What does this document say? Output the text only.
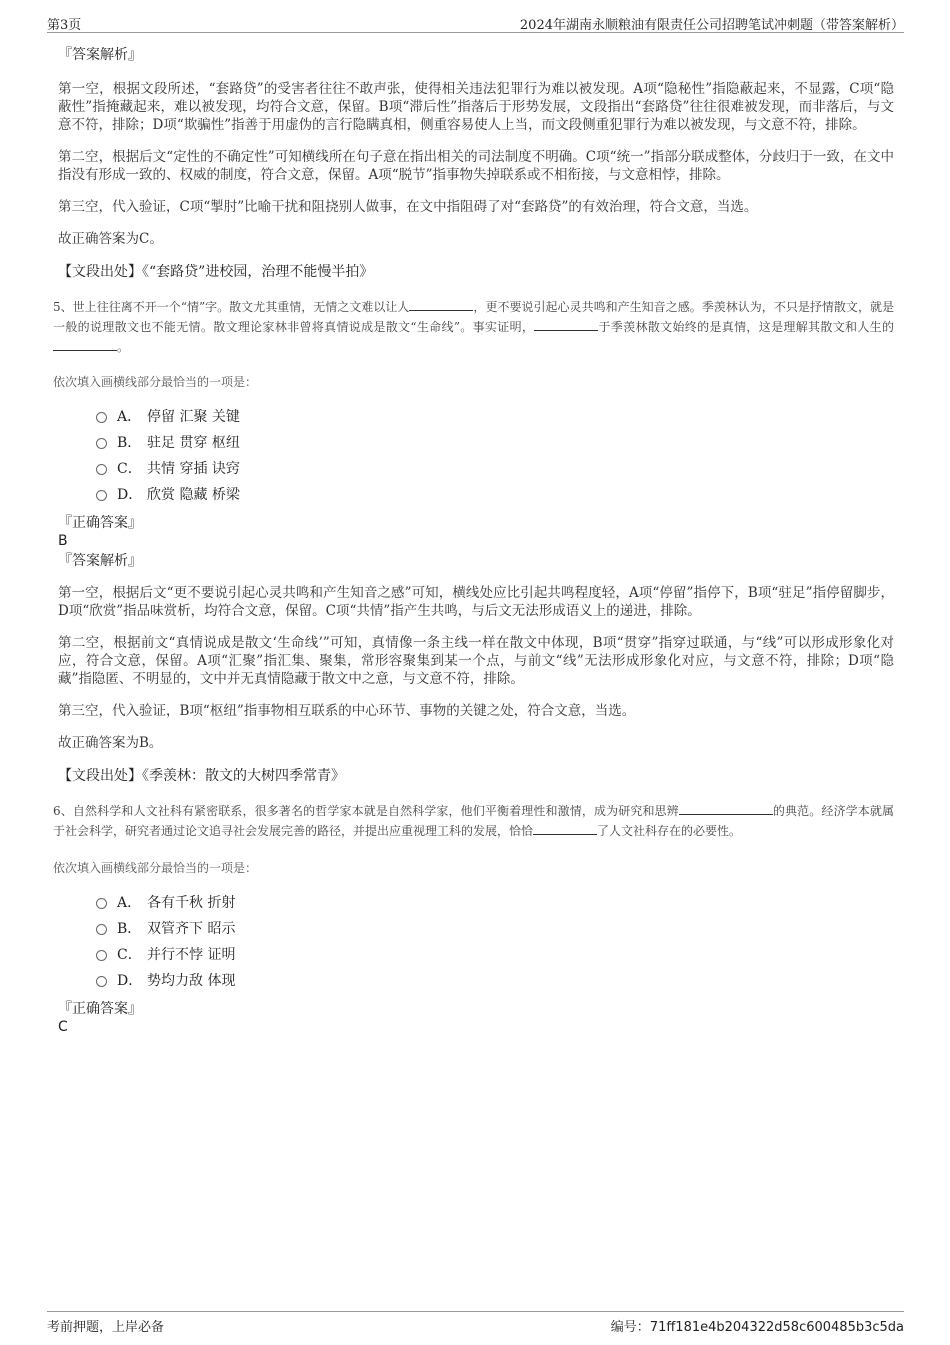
第3页	2024年湖南永顺粮油有限责任公司招聘笔试冲刺题（带答案解析）

『答案解析』

第一空，根据文段所述，“套路贷”的受害者往往不敢声张，使得相关违法犯罪行为难以被发现。A项“隐秘性”指隐蔽起来，不显露，C项“隐蔽性”指掩藏起来，难以被发现，均符合文意，保留。B项“滞后性”指落后于形势发展，文段指出“套路贷”往往很难被发现，而非落后，与文意不符，排除；D项“欺骗性”指善于用虚伪的言行隐瞒真相，侧重容易使人上当，而文段侧重犯罪行为难以被发现，与文意不符，排除。

第二空，根据后文“定性的不确定性”可知横线所在句子意在指出相关的司法制度不明确。C项“统一”指部分联成整体，分歧归于一致，在文中指没有形成一致的、权威的制度，符合文意，保留。A项“脱节”指事物失掉联系或不相衔接，与文意相悖，排除。

第三空，代入验证，C项“掣肘”比喻干扰和阻挠别人做事，在文中指阻碍了对“套路贷”的有效治理，符合文意，当选。

故正确答案为C。

【文段出处】《“套路贷”进校园，治理不能慢半拍》

5、世上往往离不开一个“情”字。散文尤其重情，无情之文难以让人	，更不要说引起心灵共鸣和产生知音之感。季羡林认为，不只是抒情散文，就是一般的说理散文也不能无情。散文理论家林非曾将真情说成是散文“生命线”。事实证明，	于季羡林散文始终的是真情，这是理解其散文和人生的。

依次填入画横线部分最恰当的一项是：

A． 停留 汇聚 关键
B． 驻足 贯穿 枢纽
C． 共情 穿插 诀窍
D． 欣赏 隐藏 桥梁

『正确答案』

B

『答案解析』

第一空，根据后文“更不要说引起心灵共鸣和产生知音之感”可知，横线处应比引起共鸣程度轻，A项“停留”指停下，B项“驻足”指停留脚步，D项“欣赏”指品味赏析，均符合文意，保留。C项“共情”指产生共鸣，与后文无法形成语义上的递进，排除。

第二空，根据前文“真情说成是散文‘生命线’”可知，真情像一条主线一样在散文中体现，B项“贯穿”指穿过联通，与“线”可以形成形象化对应，符合文意，保留。A项“汇聚”指汇集、聚集，常形容聚集到某一个点，与前文“线”无法形成形象化对应，与文意不符，排除；D项“隐藏”指隐匿、不明显的，文中并无真情隐藏于散文中之意，与文意不符，排除。

第三空，代入验证，B项“枢纽”指事物相互联系的中心环节、事物的关键之处，符合文意，当选。

故正确答案为B。

【文段出处】《季羡林：散文的大树四季常青》

6、自然科学和人文社科有紧密联系，很多著名的哲学家本就是自然科学家，他们平衡着理性和激情，成为研究和思辨	的典范。经济学本就属于社会科学，研究者通过论文追寻社会发展完善的路径，并提出应重视理工科的发展，恰恰	了人文社科存在的必要性。

依次填入画横线部分最恰当的一项是：

A． 各有千秋 折射
B． 双管齐下 昭示
C． 并行不悖 证明
D． 势均力敌 体现

『正确答案』

C

考前押题，上岸必备	编号：71ff181e4b204322d58c600485b3c5da
